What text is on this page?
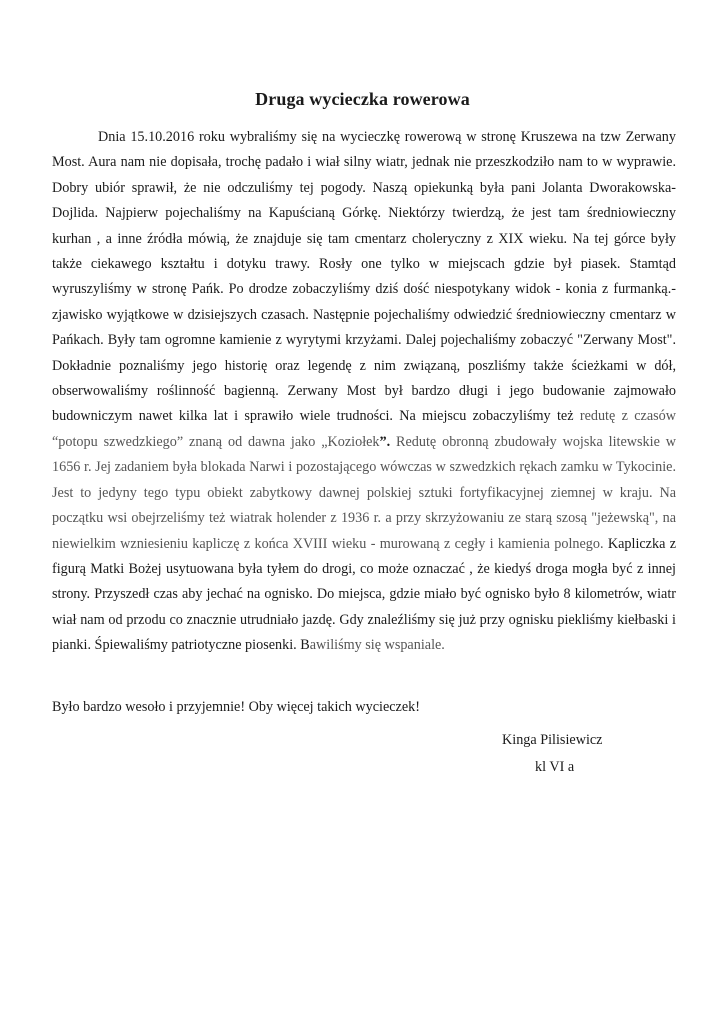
Druga wycieczka rowerowa

Dnia 15.10.2016 roku wybraliśmy się na wycieczkę rowerową w stronę Kruszewa na tzw Zerwany Most. Aura nam nie dopisała, trochę padało i wiał silny wiatr, jednak nie przeszkodziło nam to w wyprawie. Dobry ubiór sprawił, że nie odczuliśmy tej pogody. Naszą opiekunką była pani Jolanta Dworakowska-Dojlida. Najpierw pojechaliśmy na Kapuścianą Górkę. Niektórzy twierdzą, że jest tam średniowieczny kurhan , a inne źródła mówią, że znajduje się tam cmentarz choleryczny z XIX wieku. Na tej górce były także ciekawego kształtu i dotyku trawy. Rosły one tylko w miejscach gdzie był piasek. Stamtąd wyruszyliśmy w stronę Pańk. Po drodze zobaczyliśmy dziś dość niespotykany widok - konia z furmanką.- zjawisko wyjątkowe w dzisiejszych czasach. Następnie pojechaliśmy odwiedzić średniowieczny cmentarz w Pańkach. Były tam ogromne kamienie z wyrytymi krzyżami. Dalej pojechaliśmy zobaczyć "Zerwany Most". Dokładnie poznaliśmy jego historię oraz legendę z nim związaną, poszliśmy także ścieżkami w dół, obserwowaliśmy roślinność bagienną. Zerwany Most był bardzo długi i jego budowanie zajmowało budowniczym nawet kilka lat i sprawiło wiele trudności. Na miejscu zobaczyliśmy też redutę z czasów “potopu szwedzkiego” znaną od dawna jako „Koziołek”. Redutę obronną zbudowały wojska litewskie w 1656 r. Jej zadaniem była blokada Narwi i pozostającego wówczas w szwedzkich rękach zamku w Tykocinie. Jest to jedyny tego typu obiekt zabytkowy dawnej polskiej sztuki fortyfikacyjnej ziemnej w kraju. Na początku wsi obejrzeliśmy też wiatrak holender z 1936 r. a przy skrzyżowaniu ze starą szosą "jeżewską", na niewielkim wzniesieniu kapliczę z końca XVIII wieku - murowaną z cegły i kamienia polnego. Kapliczka z figurą Matki Bożej usytuowana była tyłem do drogi, co może oznaczać , że kiedyś droga mogła być z innej strony. Przyszedł czas aby jechać na ognisko. Do miejsca, gdzie miało być ognisko było 8 kilometrów, wiatr wiał nam od przodu co znacznie utrudniało jazdę. Gdy znaleźliśmy się już przy ognisku piekliśmy kiełbaski i pianki. Śpiewaliśmy patriotyczne piosenki. Bawiliśmy się wspaniale.

Było bardzo wesoło i przyjemnie! Oby więcej takich wycieczek!

Kinga Pilisiewicz
kl VI a
